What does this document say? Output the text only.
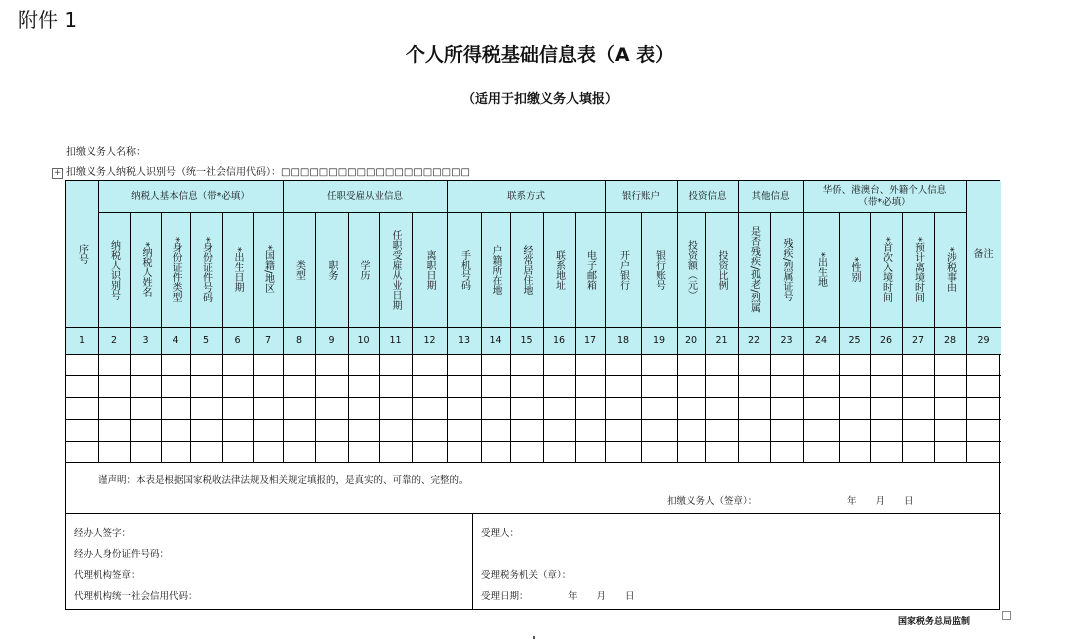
附件 1
个人所得税基础信息表（A 表）
（适用于扣缴义务人填报）
扣缴义务人名称：
+ 扣缴义务人纳税人识别号（统一社会信用代码）：□□□□□□□□□□□□□□□□□□□□
纳税人基本信息（带*必填）	任职受雇从业信息	联系方式	银行账户	投资信息	其他信息
华侨、港澳台、外籍个人信息
（带*必填）
序号	纳税人识别号	*纳税人姓名	*身份证件类型	*身份证件号码	*出生日期	*国籍/地区	类型	职务	学历	任职受雇从业日期	离职日期	手机号码	户籍所在地	经常居住地	联系地址	电子邮箱	开户银行	银行账号	投资额（元）	投资比例	是否残疾/孤老/烈属	残疾/烈属证号	*出生地	*性别	*首次入境时间	*预计离境时间	*涉税事由	备注
1	2	3	4	5	6	7	8	9	10	11	12	13	14	15	16	17	18	19	20	21	22	23	24	25	26	27	28	29
谨声明：本表是根据国家税收法律法规及相关规定填报的，是真实的、可靠的、完整的。
扣缴义务人（签章）：	年　　月　　日
经办人签字：
经办人身份证件号码：
代理机构签章：
代理机构统一社会信用代码：
受理人：
受理税务机关（章）：
受理日期：	年　　月　　日
国家税务总局监制
